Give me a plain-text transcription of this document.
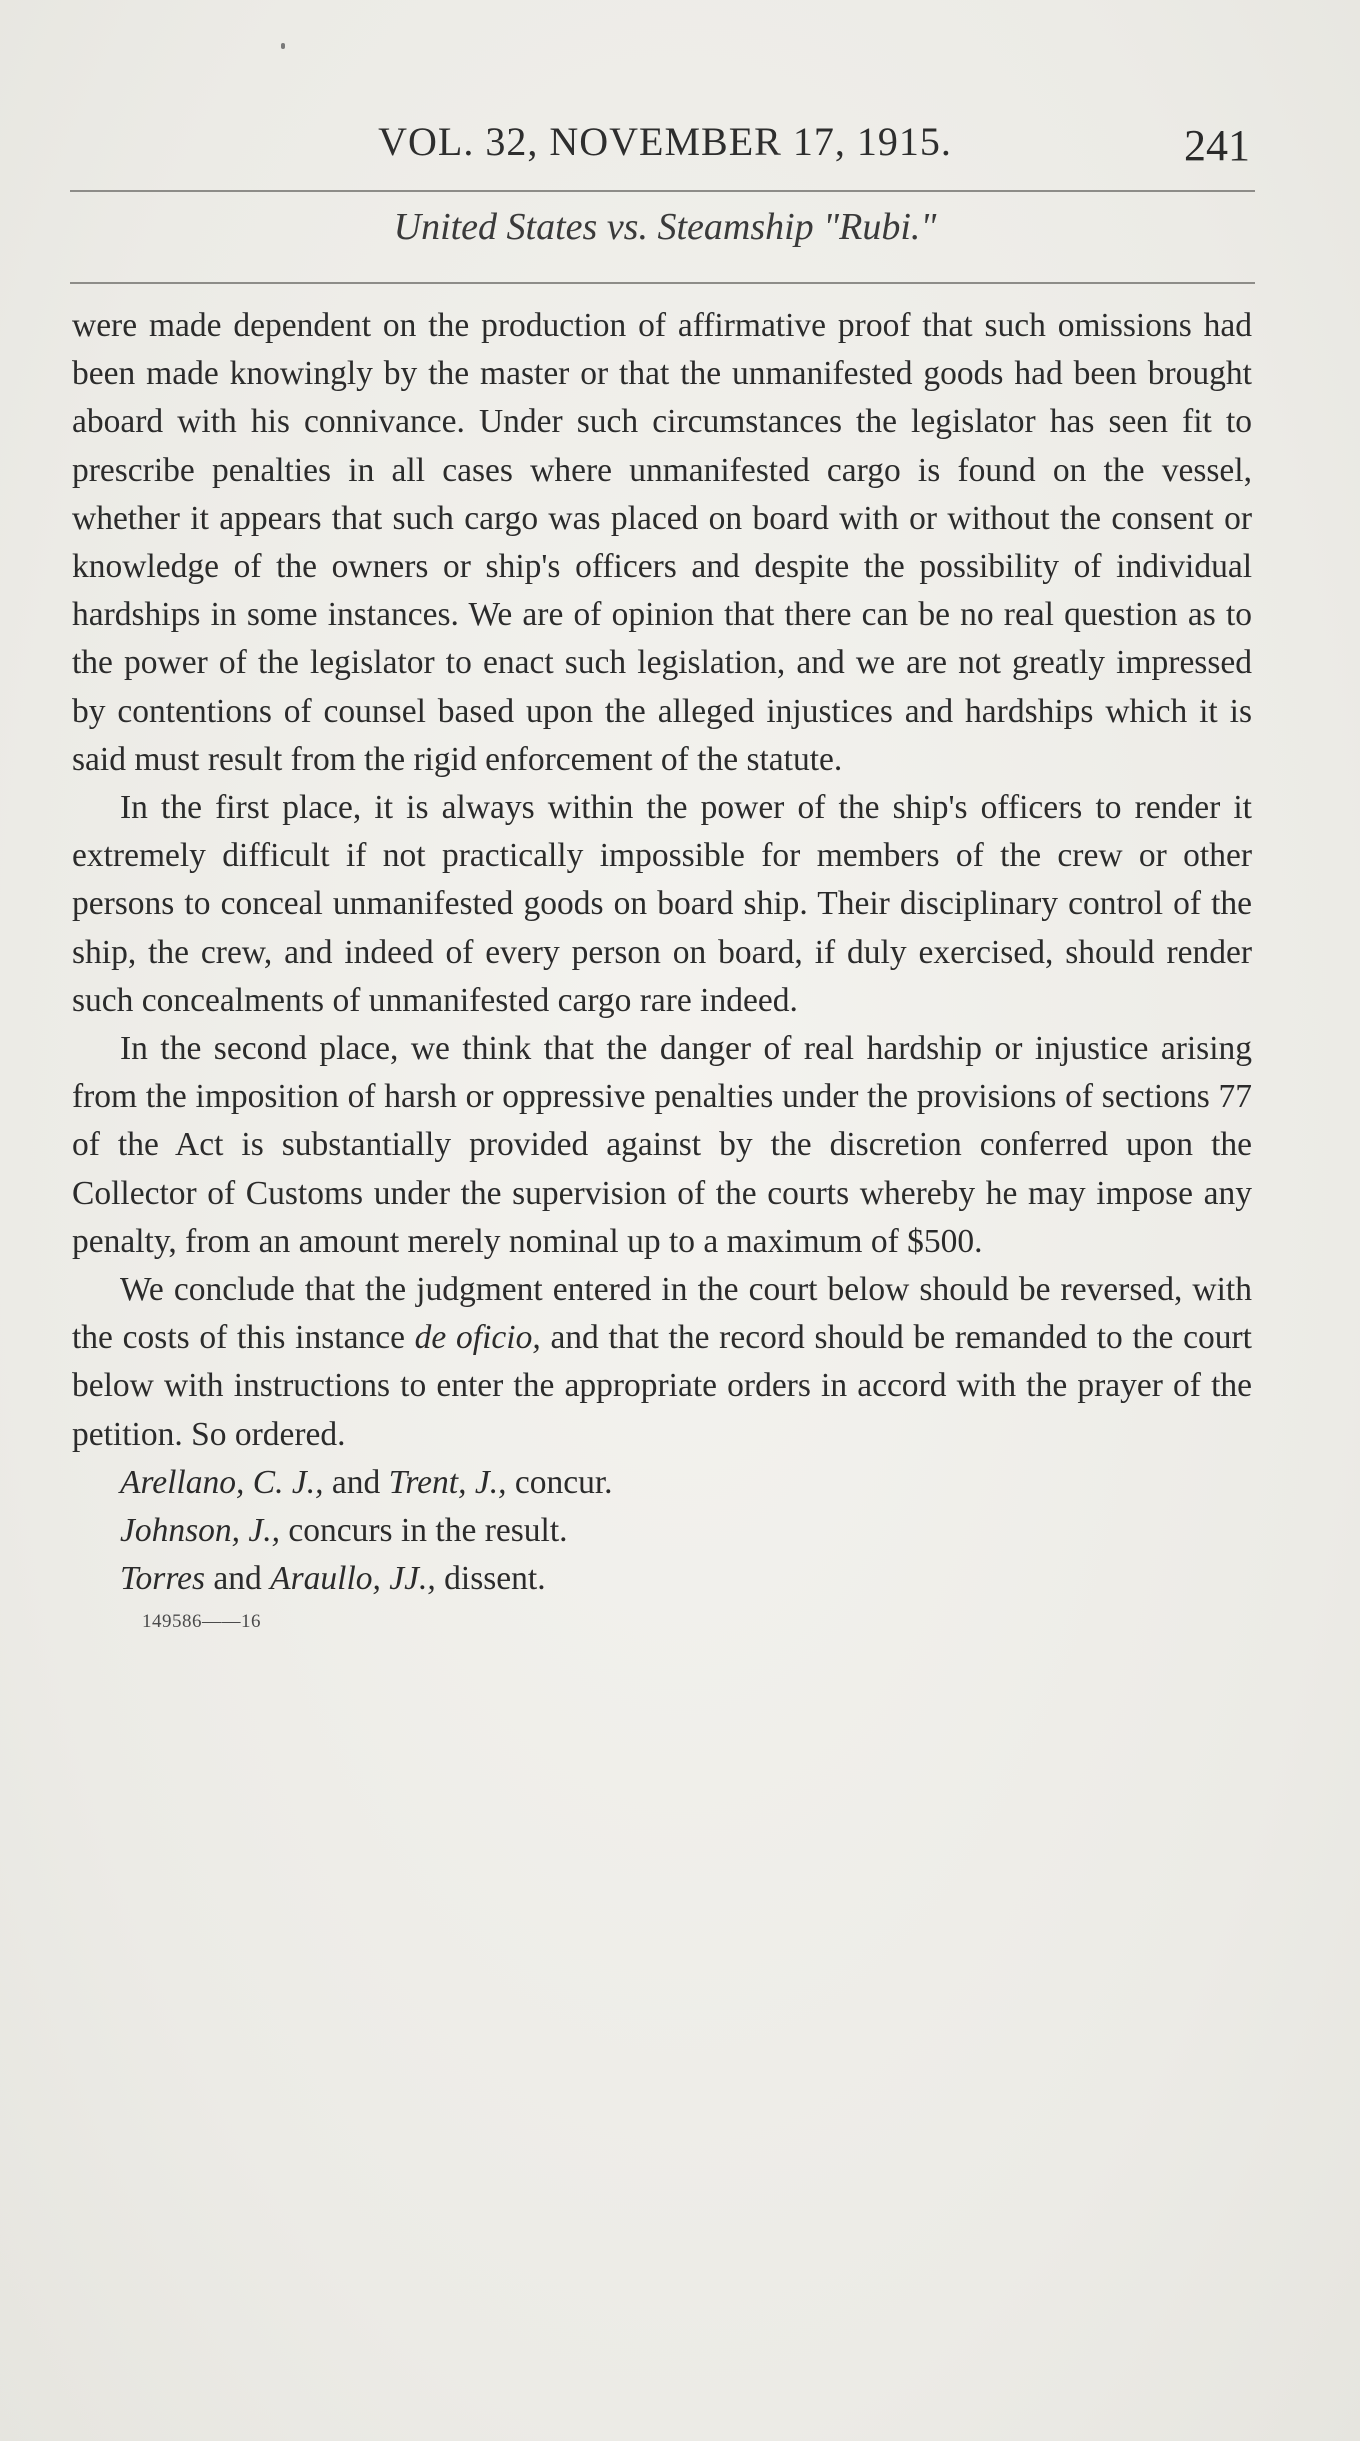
VOL. 32, NOVEMBER 17, 1915.	241
United States vs. Steamship "Rubi."

were made dependent on the production of affirmative proof that such omissions had been made knowingly by the master or that the unmanifested goods had been brought aboard with his connivance. Under such circumstances the legislator has seen fit to prescribe penalties in all cases where unmanifested cargo is found on the vessel, whether it appears that such cargo was placed on board with or without the consent or knowledge of the owners or ship's officers and despite the possibility of individual hardships in some instances. We are of opinion that there can be no real question as to the power of the legislator to enact such legislation, and we are not greatly impressed by contentions of counsel based upon the alleged injustices and hardships which it is said must result from the rigid enforcement of the statute.

In the first place, it is always within the power of the ship's officers to render it extremely difficult if not practically impossible for members of the crew or other persons to conceal unmanifested goods on board ship. Their disciplinary control of the ship, the crew, and indeed of every person on board, if duly exercised, should render such concealments of unmanifested cargo rare indeed.

In the second place, we think that the danger of real hardship or injustice arising from the imposition of harsh or oppressive penalties under the provisions of sections 77 of the Act is substantially provided against by the discretion conferred upon the Collector of Customs under the supervision of the courts whereby he may impose any penalty, from an amount merely nominal up to a maximum of $500.

We conclude that the judgment entered in the court below should be reversed, with the costs of this instance de oficio, and that the record should be remanded to the court below with instructions to enter the appropriate orders in accord with the prayer of the petition. So ordered.

Arellano, C. J., and Trent, J., concur.

Johnson, J., concurs in the result.

Torres and Araullo, JJ., dissent.

149586——16
